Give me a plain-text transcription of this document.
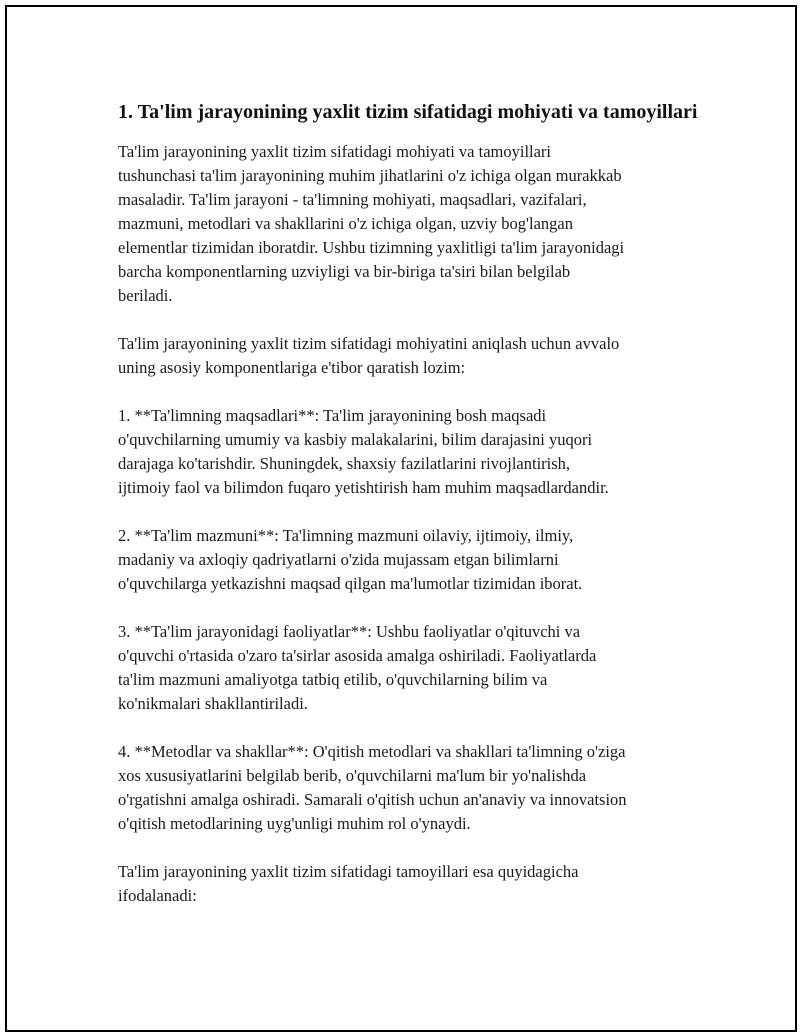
1. Ta'lim jarayonining yaxlit tizim sifatidagi mohiyati va tamoyillari

Ta'lim jarayonining yaxlit tizim sifatidagi mohiyati va tamoyillari
tushunchasi ta'lim jarayonining muhim jihatlarini o'z ichiga olgan murakkab
masaladir. Ta'lim jarayoni - ta'limning mohiyati, maqsadlari, vazifalari,
mazmuni, metodlari va shakllarini o'z ichiga olgan, uzviy bog'langan
elementlar tizimidan iboratdir. Ushbu tizimning yaxlitligi ta'lim jarayonidagi
barcha komponentlarning uzviyligi va bir-biriga ta'siri bilan belgilab
beriladi.

Ta'lim jarayonining yaxlit tizim sifatidagi mohiyatini aniqlash uchun avvalo
uning asosiy komponentlariga e'tibor qaratish lozim:

1. **Ta'limning maqsadlari**: Ta'lim jarayonining bosh maqsadi
o'quvchilarning umumiy va kasbiy malakalarini, bilim darajasini yuqori
darajaga ko'tarishdir. Shuningdek, shaxsiy fazilatlarini rivojlantirish,
ijtimoiy faol va bilimdon fuqaro yetishtirish ham muhim maqsadlardandir.

2. **Ta'lim mazmuni**: Ta'limning mazmuni oilaviy, ijtimoiy, ilmiy,
madaniy va axloqiy qadriyatlarni o'zida mujassam etgan bilimlarni
o'quvchilarga yetkazishni maqsad qilgan ma'lumotlar tizimidan iborat.

3. **Ta'lim jarayonidagi faoliyatlar**: Ushbu faoliyatlar o'qituvchi va
o'quvchi o'rtasida o'zaro ta'sirlar asosida amalga oshiriladi. Faoliyatlarda
ta'lim mazmuni amaliyotga tatbiq etilib, o'quvchilarning bilim va
ko'nikmalari shakllantiriladi.

4. **Metodlar va shakllar**: O'qitish metodlari va shakllari ta'limning o'ziga
xos xususiyatlarini belgilab berib, o'quvchilarni ma'lum bir yo'nalishda
o'rgatishni amalga oshiradi. Samarali o'qitish uchun an'anaviy va innovatsion
o'qitish metodlarining uyg'unligi muhim rol o'ynaydi.

Ta'lim jarayonining yaxlit tizim sifatidagi tamoyillari esa quyidagicha
ifodalanadi:
